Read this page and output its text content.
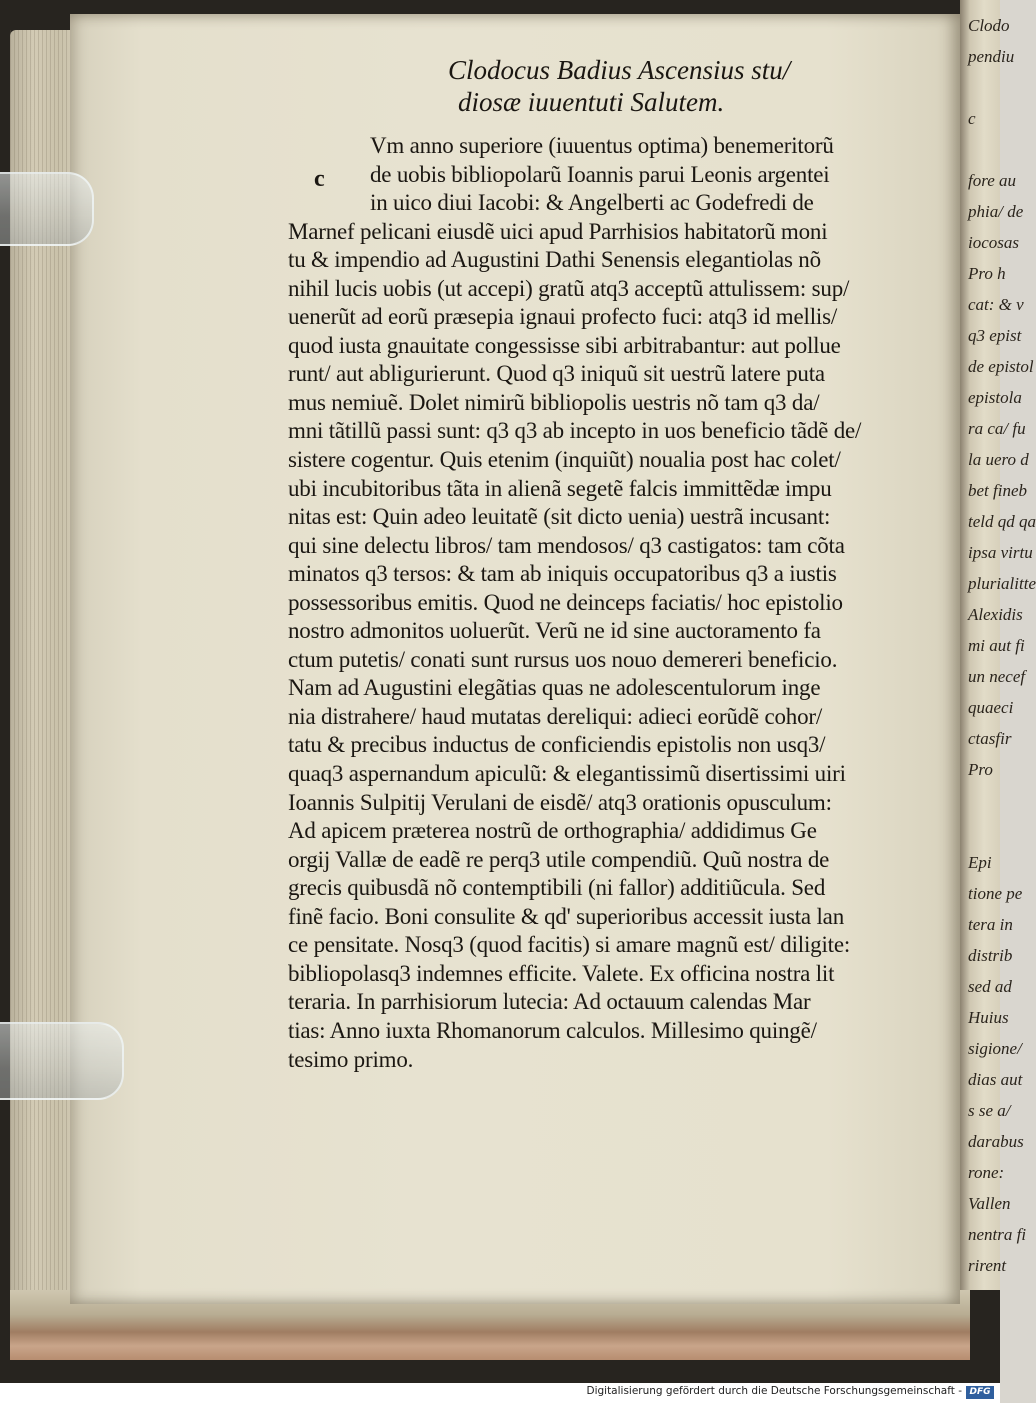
Clodo
pendiu
c
fore au
phia/ de
iocosas
Pro h
cat: & v
q3 epist
de epistol
epistola
ra ca/ fu
la uero d
bet fineb
teld qd qa
ipsa virtu
plurialitte
Alexidis
mi aut fi
un necef
quaeci
ctasfir
Pro
Epi
tione pe
tera in
distrib
sed ad
Huius
sigione/
dias aut
s se a/
darabus
rone:
Vallen
nentra fi
rirent
Clodocus Badius Ascensius stu/
diosæ iuuentuti Salutem.
c
Vm anno superiore (iuuentus optima) benemeritorũ
de uobis bibliopolarũ Ioannis parui Leonis argentei
in uico diui Iacobi: & Angelberti ac Godefredi de
Marnef pelicani eiusdẽ uici apud Parrhisios habitatorũ moni
tu & impendio ad Augustini Dathi Senensis elegantiolas nõ
nihil lucis uobis (ut accepi) gratũ atq3 acceptũ attulissem: sup/
uenerũt ad eorũ præsepia ignaui profecto fuci: atq3 id mellis/
quod iusta gnauitate congessisse sibi arbitrabantur: aut pollue
runt/ aut abligurierunt. Quod q3 iniquũ sit uestrũ latere puta
mus nemiuẽ. Dolet nimirũ bibliopolis uestris nõ tam q3 da/
mni tãtillũ passi sunt: q3 q3 ab incepto in uos beneficio tãdẽ de/
sistere cogentur. Quis etenim (inquiũt) noualia post hac colet/
ubi incubitoribus tãta in alienã segetẽ falcis immittẽdæ impu
nitas est: Quin adeo leuitatẽ (sit dicto uenia) uestrã incusant:
qui sine delectu libros/ tam mendosos/ q3 castigatos: tam cõta
minatos q3 tersos: & tam ab iniquis occupatoribus q3 a iustis
possessoribus emitis. Quod ne deinceps faciatis/ hoc epistolio
nostro admonitos uoluerũt. Verũ ne id sine auctoramento fa
ctum putetis/ conati sunt rursus uos nouo demereri beneficio.
Nam ad Augustini elegãtias quas ne adolescentulorum inge
nia distrahere/ haud mutatas dereliqui: adieci eorũdẽ cohor/
tatu & precibus inductus de conficiendis epistolis non usq3/
quaq3 aspernandum apiculũ: & elegantissimũ disertissimi uiri
Ioannis Sulpitij Verulani de eisdẽ/ atq3 orationis opusculum:
Ad apicem præterea nostrũ de orthographia/ addidimus Ge
orgij Vallæ de eadẽ re perq3 utile compendiũ. Quũ nostra de
grecis quibusdã nõ contemptibili (ni fallor) additiũcula. Sed
finẽ facio. Boni consulite & qd' superioribus accessit iusta lan
ce pensitate. Nosq3 (quod facitis) si amare magnũ est/ diligite:
bibliopolasq3 indemnes efficite. Valete. Ex officina nostra lit
teraria. In parrhisiorum lutecia: Ad octauum calendas Mar
tias: Anno iuxta Rhomanorum calculos. Millesimo quingẽ/
tesimo primo.
Digitalisierung gefördert durch die Deutsche Forschungsgemeinschaft - DFG
